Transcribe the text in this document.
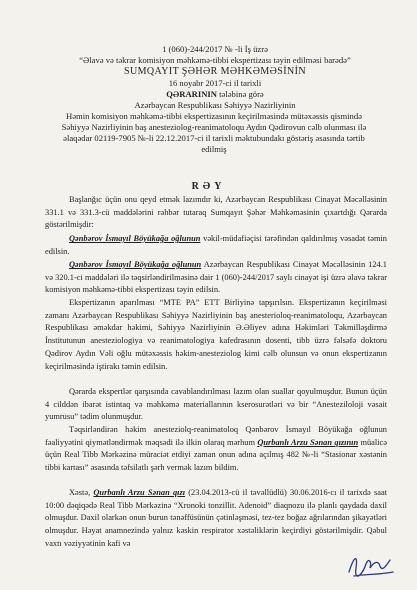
1 (060)-244/2017 № -li İş üzrə
“Əlavə və təkrar komisiyon məhkəmə-tibbi ekspertizası təyin edilməsi barədə”
SUMQAYIT ŞƏHƏR MƏHKƏMƏSİNİN
16 noyabr 2017-ci il tarixli
QƏRARININ tələbinə görə
Azərbaycan Respublikası Səhiyyə Nazirliyinin
Həmin komisiyon məhkəmə-tibbi ekspertizasının keçirilməsində mütəxəssis qismində Səhiyyə Nazirliyinin baş anesteziolog-reanimatoloqu Aydın Qədirovun cəlb olunması ilə əlaqədar 02119-7905 №-li 22.12.2017-ci il tarixli məktubundakı göstəriş əsasında tərtib edilmiş
RƏY
Başlanğıc üçün onu qeyd etmək lazımdır ki, Azərbaycan Respublikası Cinayət Məcəlləsinin 331.1 və 331.3-cü maddələrini rəhbər tutaraq Sumqayıt Şəhər Məhkəməsinin çıxartdığı Qərarda göstərilmişdir:
Qənbərov İsmayıl Böyükağa oğlunun vəkil-müdafiəçisi tərəfindən qaldırılmış vəsadət təmin edilsin.
Qənbərov İsmayıl Böyükağa oğlunun Azərbaycan Respublikası Cinayət Məcəlləsinin 124.1 və 320.1-ci maddələri ilə təqsirləndirilməsinə dair 1 (060)-244/2017 saylı cinayət işi üzrə əlavə təkrar komisiyon məhkəmə-tibbi ekspertizası təyin edilsin.
Ekspertizanın aparılması “MTE PA” ETT Birliyinə tapşırılsın. Ekspertizanın keçirilməsi zamanı Azərbaycan Respublikası Səhiyyə Nazirliyinin baş anesterioloq-reanimatoloqu, Azərbaycan Respublikası əməkdar həkimi, Səhiyyə Nazirliyinin Ə.Əliyev adına Həkimləri Təkmilləşdirmə İnstitutunun anesteziologiya və reanimatologiya kafedrasının dosenti, tibb üzrə fəlsəfə doktoru Qədirov Aydın Vəli oğlu mütəxəssis həkim-anesteziolog kimi cəlb olunsun və onun ekspertizanın keçirilməsində iştirakı təmin edilsin.
Qərarda ekspertlər qarşısında cavablandırılması lazım olan suallar qoyulmuşdur. Bunun üçün 4 cilddən ibarət istintaq və məhkəmə materiallarının kserosurətləri və bir “Anesteziloloji vəsait yumrusu” tədim olunmuşdur.
Təqsirləndirən həkim anesteziolq-reanimatoloq Qənbərov İsmayıl Böyükağa oğlunun fəaliyyətini qiymətləndirmək məqsədi ilə ilkin olaraq mərhum Qurbanlı Arzu Sənan qızının müalicə üçün Real Tibb Mərkəzinə müraciət etdiyi zaman onun adına açılmış 482 №-li “Stasionar xəstənin tibbi kartası” əsasında təfsilatlı şərh vermək lazım bildim.
Xəstə, Qurbanlı Arzu Sənan qızı (23.04.2013-cü il təvəllüdlü) 30.06.2016-cı il tarixdə saat 10:00 dəqiqədə Real Tibb Mərkəzinə “Xronoki tonzillit. Adenoid” diaqnozu ilə planlı qaydada daxil olmuşdur. Daxil olarkən onun burun tənəffüsünün çətinləşməsi, tez-tez boğaz ağrılarından şikayətləri olmuşdur. Həyat anamnezində yalnız kəskin respirator xəstəliklərin keçirdiyi göstərilmişdir. Qəbul vaxtı vəziyyətinin kafi və
